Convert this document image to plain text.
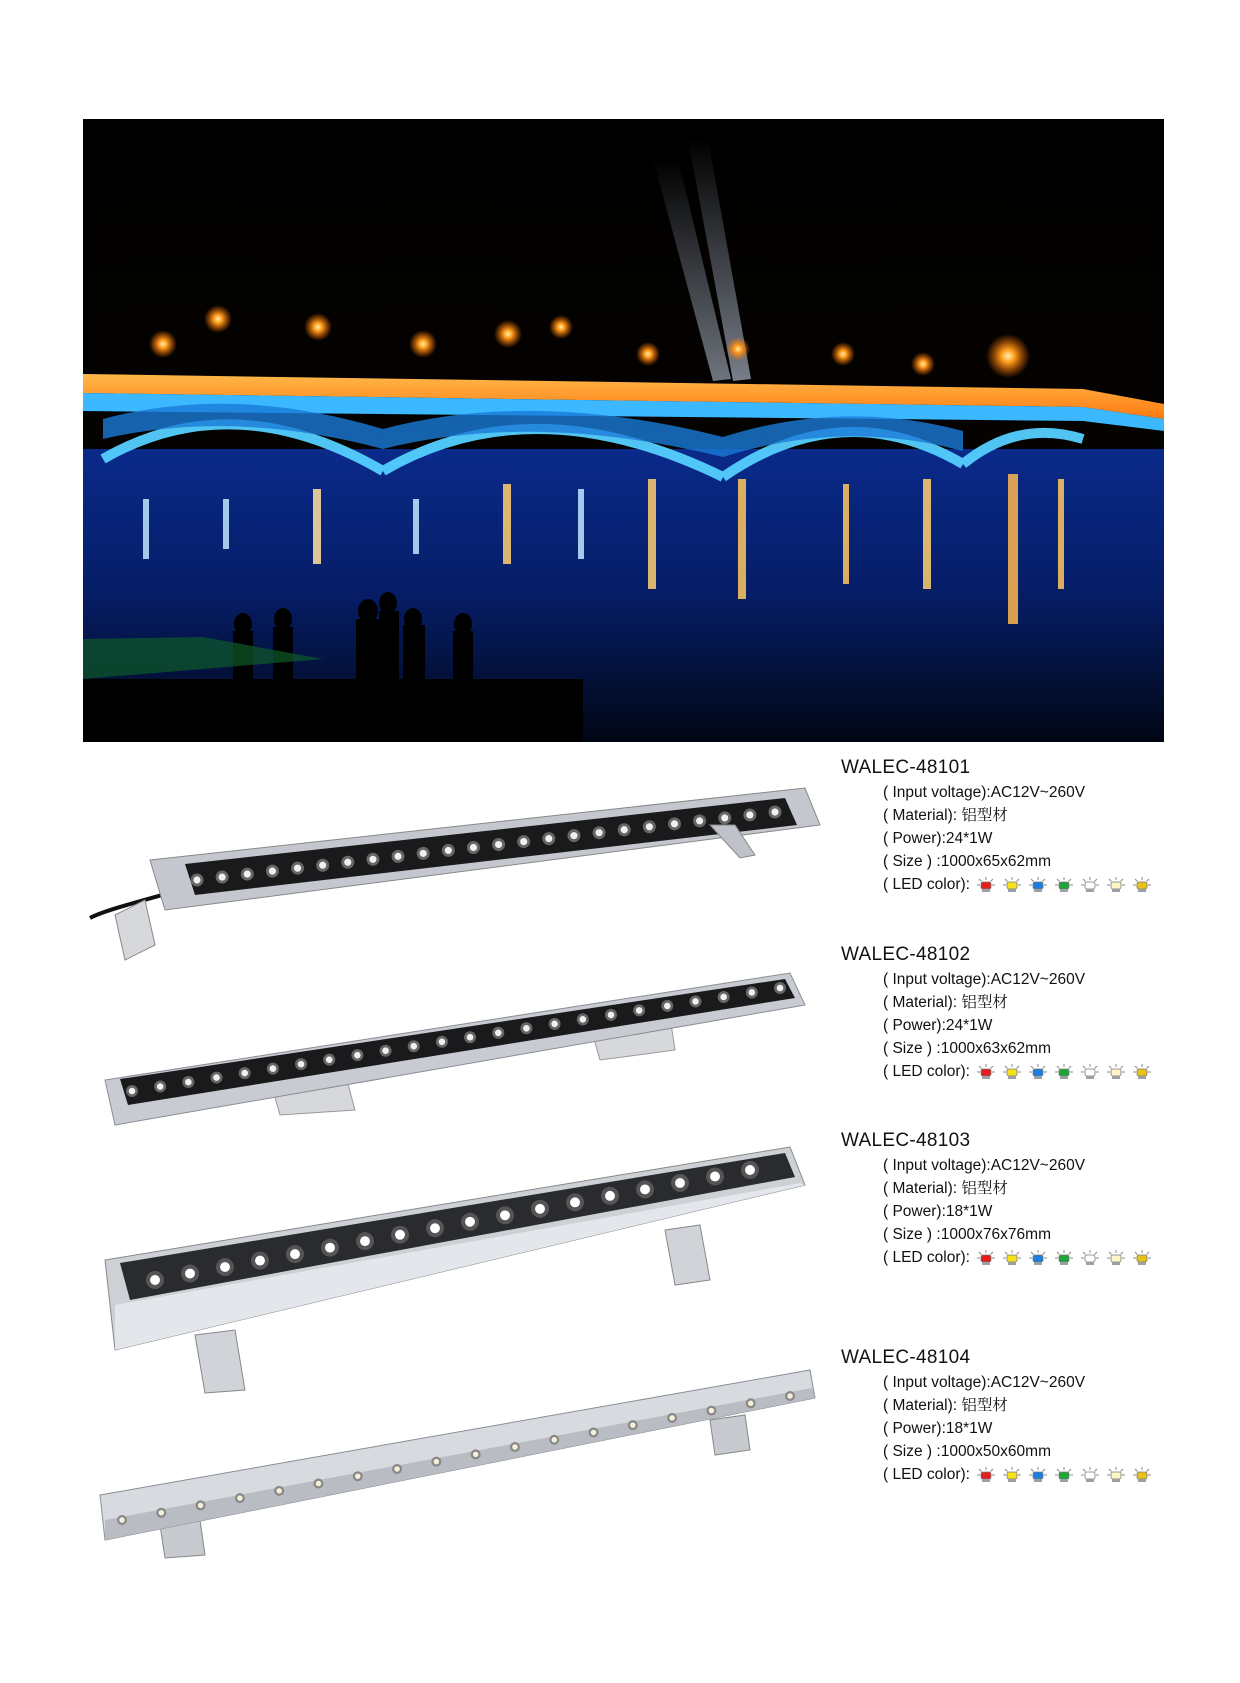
WALEC-48101
( Input voltage):AC12V~260V
( Material): 铝型材
( Power):24*1W
( Size ) :1000x65x62mm
( LED color):
WALEC-48102
( Input voltage):AC12V~260V
( Material): 铝型材
( Power):24*1W
( Size ) :1000x63x62mm
( LED color):
WALEC-48103
( Input voltage):AC12V~260V
( Material): 铝型材
( Power):18*1W
( Size ) :1000x76x76mm
( LED color):
WALEC-48104
( Input voltage):AC12V~260V
( Material): 铝型材
( Power):18*1W
( Size ) :1000x50x60mm
( LED color):
